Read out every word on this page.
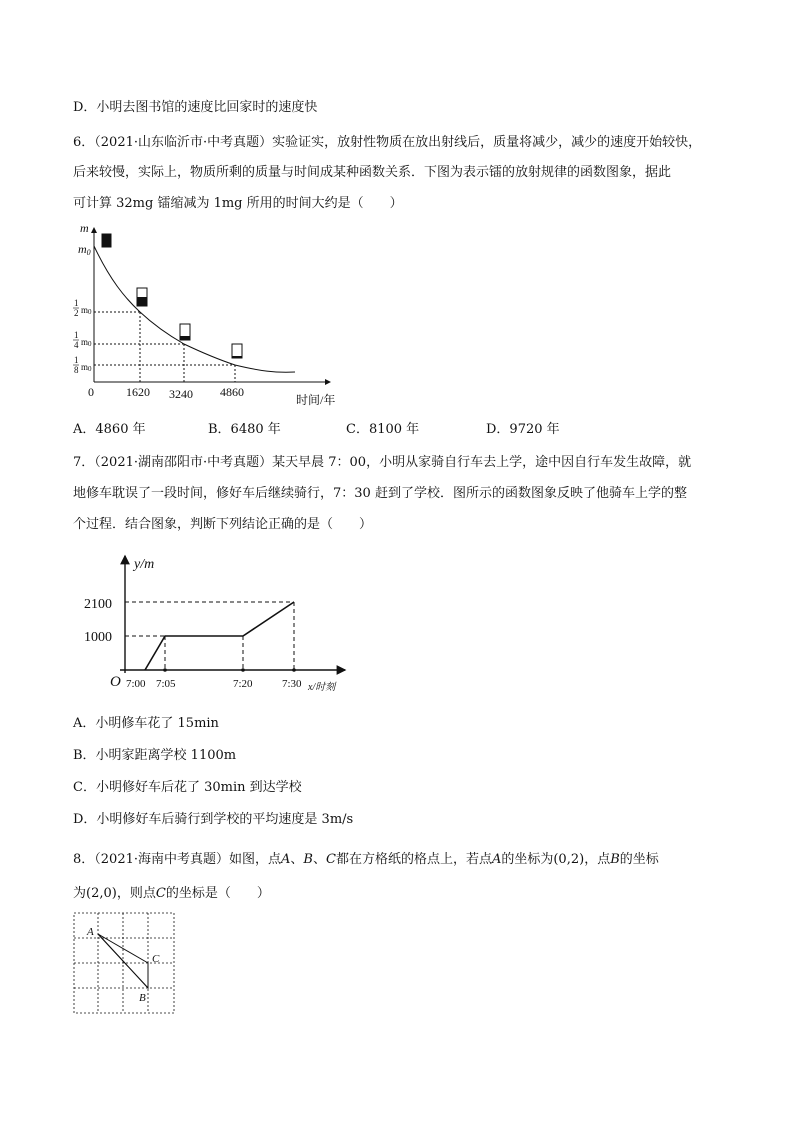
D．小明去图书馆的速度比回家时的速度快
6．（2021·山东临沂市·中考真题）实验证实，放射性物质在放出射线后，质量将减少，减少的速度开始较快，
后来较慢，实际上，物质所剩的质量与时间成某种函数关系．下图为表示镭的放射规律的函数图象，据此
可计算 32mg 镭缩减为 1mg 所用的时间大约是（　　）
m
m0
1
2 m0
1
4 m0
1
8 m0
0	1620 3240 4860
时间/年
A．4860 年	B．6480 年	C．8100 年	D．9720 年
7．（2021·湖南邵阳市·中考真题）某天早晨 7：00，小明从家骑自行车去上学，途中因自行车发生故障，就
地修车耽误了一段时间，修好车后继续骑行，7：30 赶到了学校．图所示的函数图象反映了他骑车上学的整
个过程．结合图象，判断下列结论正确的是（　　）
y/m
2100
1000
O 7:00 7:05	7:20	7:30 x/时刻
A．小明修车花了 15min
B．小明家距离学校 1100m
C．小明修好车后花了 30min 到达学校
D．小明修好车后骑行到学校的平均速度是 3m/s
8．（2021·海南中考真题）如图，点A、B、C都在方格纸的格点上，若点A的坐标为(0,2)，点B的坐标
为(2,0)，则点C的坐标是（　　）
A
C
B
